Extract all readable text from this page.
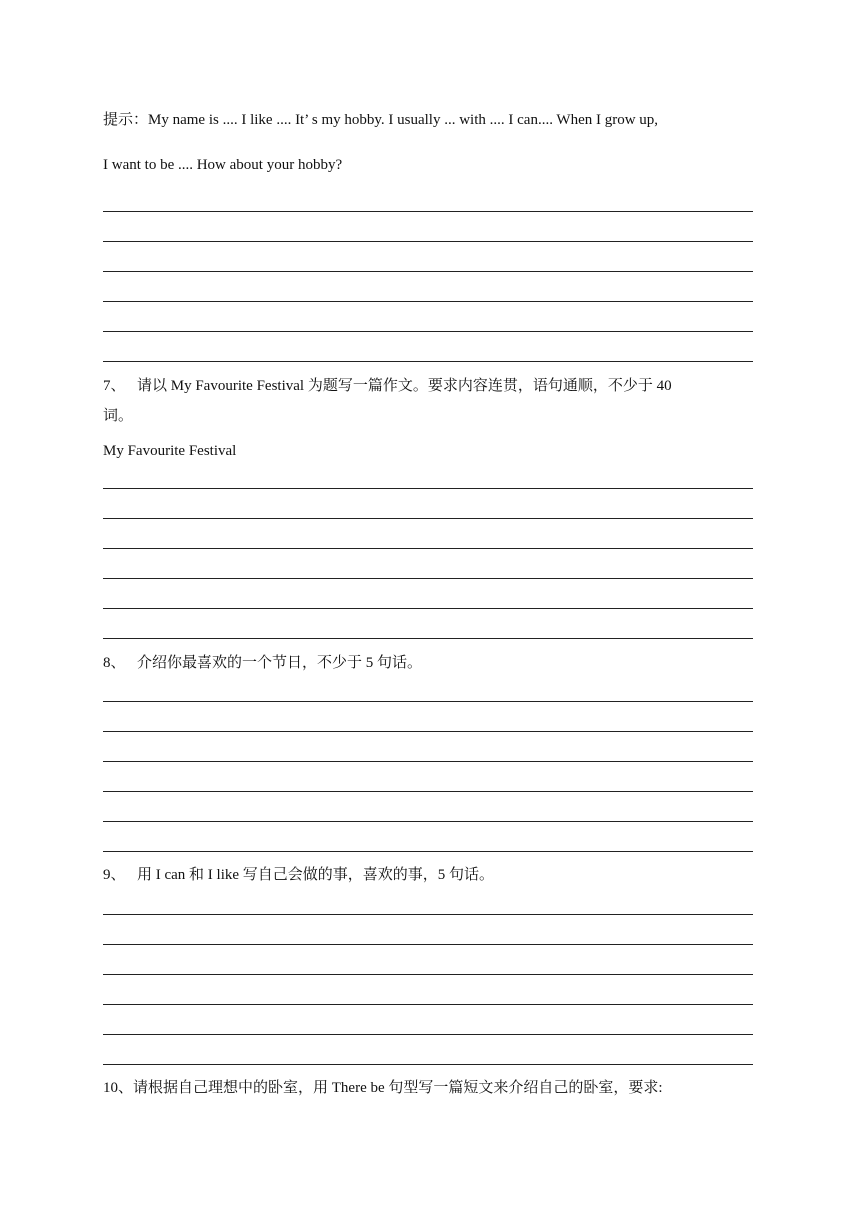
提示：My name is .... I like .... It’ s my hobby. I usually ... with .... I can.... When I grow up,
I want to be .... How about your hobby?
7、 请以 My Favourite Festival 为题写一篇作文。要求内容连贯，语句通顺，不少于 40
词。
My Favourite Festival
8、 介绍你最喜欢的一个节日，不少于 5 句话。
9、 用 I can 和 I like 写自己会做的事，喜欢的事，5 句话。
10、请根据自己理想中的卧室，用 There be 句型写一篇短文来介绍自己的卧室，要求:
